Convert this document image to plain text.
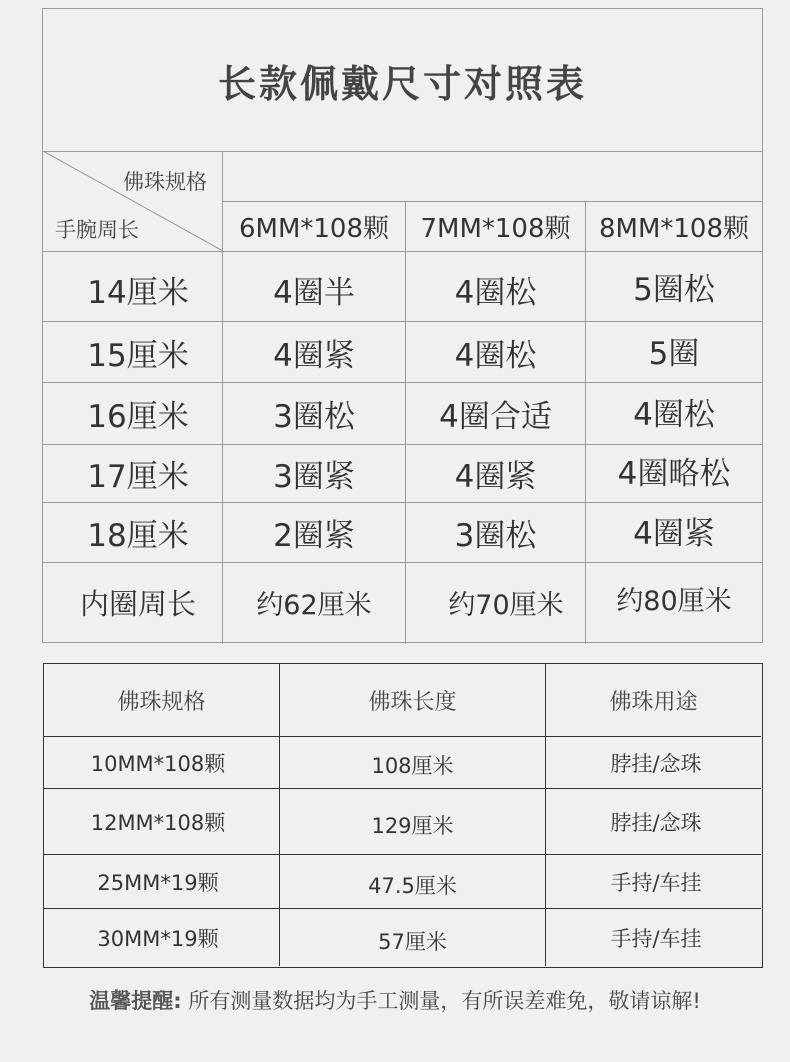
长款佩戴尺寸对照表
佛珠规格
手腕周长	6MM*108颗	7MM*108颗	8MM*108颗
14厘米	4圈半	4圈松	5圈松
15厘米	4圈紧	4圈松	5圈
16厘米	3圈松	4圈合适	4圈松
17厘米	3圈紧	4圈紧	4圈略松
18厘米	2圈紧	3圈松	4圈紧
内圈周长	约62厘米	约70厘米	约80厘米
佛珠规格	佛珠长度	佛珠用途
10MM*108颗	108厘米	脖挂/念珠
12MM*108颗	129厘米	脖挂/念珠
25MM*19颗	47.5厘米	手持/车挂
30MM*19颗	57厘米	手持/车挂
温馨提醒: 所有测量数据均为手工测量，有所误差难免，敬请谅解!
